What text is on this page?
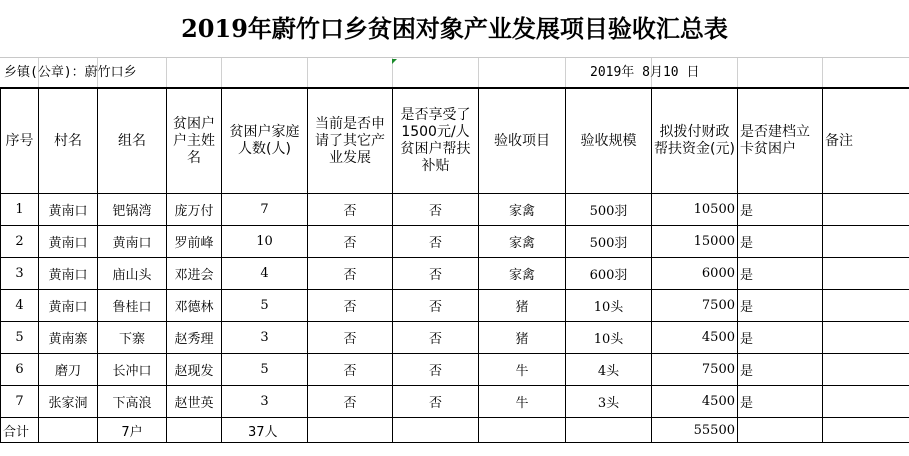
2019年蔚竹口乡贫困对象产业发展项目验收汇总表
乡镇(公章)：蔚竹口乡	2019年 8月10 日
序号	村名	组名	贫困户户主姓名	贫困户家庭人数(人)	当前是否申请了其它产业发展	是否享受了1500元/人贫困户帮扶补贴	验收项目	验收规模	拟拨付财政帮扶资金(元)	是否建档立卡贫困户	备注
1	黄南口	钯锅湾	庞万付	7	否	否	家禽	500羽	10500	是	
2	黄南口	黄南口	罗前峰	10	否	否	家禽	500羽	15000	是	
3	黄南口	庙山头	邓进会	4	否	否	家禽	600羽	6000	是	
4	黄南口	鲁桂口	邓德林	5	否	否	猪	10头	7500	是	
5	黄南寨	下寨	赵秀理	3	否	否	猪	10头	4500	是	
6	磨刀	长冲口	赵现发	5	否	否	牛	4头	7500	是	
7	张家洞	下高浪	赵世英	3	否	否	牛	3头	4500	是	
合计		7户		37人					55500		
